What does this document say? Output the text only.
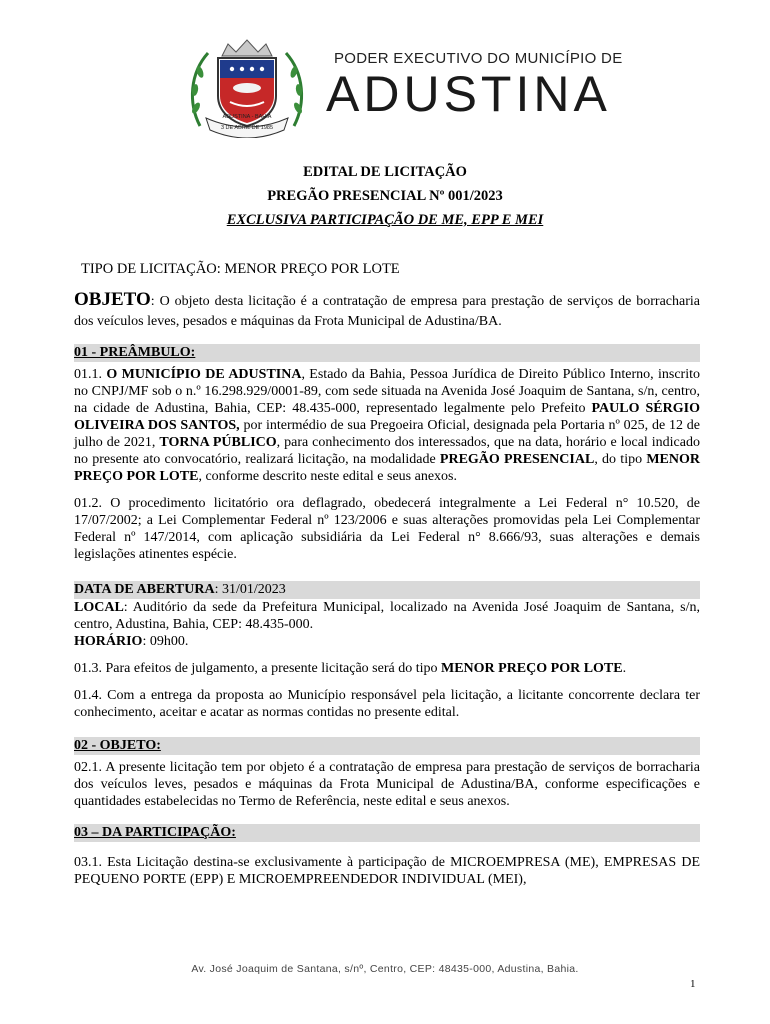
3 DE ABRIL DE 1985
ADUSTINA - BAHIA
PODER EXECUTIVO DO MUNICÍPIO DE
ADUSTINA
EDITAL DE LICITAÇÃO
PREGÃO PRESENCIAL Nº 001/2023
EXCLUSIVA PARTICIPAÇÃO DE ME, EPP E MEI
TIPO DE LICITAÇÃO: MENOR PREÇO POR LOTE
OBJETO: O objeto desta licitação é a contratação de empresa para prestação de serviços de borracharia dos veículos leves, pesados e máquinas da Frota Municipal de Adustina/BA.
01 - PREÂMBULO:

01.1. O MUNICÍPIO DE ADUSTINA, Estado da Bahia, Pessoa Jurídica de Direito Público Interno, inscrito no CNPJ/MF sob o n.º 16.298.929/0001-89, com sede situada na Avenida José Joaquim de Santana, s/n, centro, na cidade de Adustina, Bahia, CEP: 48.435-000, representado legalmente pelo Prefeito PAULO SÉRGIO OLIVEIRA DOS SANTOS, por intermédio de sua Pregoeira Oficial, designada pela Portaria nº 025, de 12 de julho de 2021, TORNA PÚBLICO, para conhecimento dos interessados, que na data, horário e local indicado no presente ato convocatório, realizará licitação, na modalidade PREGÃO PRESENCIAL, do tipo MENOR PREÇO POR LOTE, conforme descrito neste edital e seus anexos.

01.2. O procedimento licitatório ora deflagrado, obedecerá integralmente a Lei Federal n° 10.520, de 17/07/2002; a Lei Complementar Federal nº 123/2006 e suas alterações promovidas pela Lei Complementar Federal nº 147/2014, com aplicação subsidiária da Lei Federal n° 8.666/93, suas alterações e demais legislações atinentes espécie.

DATA DE ABERTURA: 31/01/2023
LOCAL: Auditório da sede da Prefeitura Municipal, localizado na Avenida José Joaquim de Santana, s/n, centro, Adustina, Bahia, CEP: 48.435-000.
HORÁRIO: 09h00.

01.3. Para efeitos de julgamento, a presente licitação será do tipo MENOR PREÇO POR LOTE.

01.4. Com a entrega da proposta ao Município responsável pela licitação, a licitante concorrente declara ter conhecimento, aceitar e acatar as normas contidas no presente edital.

02 - OBJETO:

02.1. A presente licitação tem por objeto é a contratação de empresa para prestação de serviços de borracharia dos veículos leves, pesados e máquinas da Frota Municipal de Adustina/BA, conforme especificações e quantidades estabelecidas no Termo de Referência, neste edital e seus anexos.

03 – DA PARTICIPAÇÃO:

03.1. Esta Licitação destina-se exclusivamente à participação de MICROEMPRESA (ME), EMPRESAS DE PEQUENO PORTE (EPP) E MICROEMPREENDEDOR INDIVIDUAL (MEI),

Av. José Joaquim de Santana, s/nº, Centro, CEP: 48435-000, Adustina, Bahia.
1
